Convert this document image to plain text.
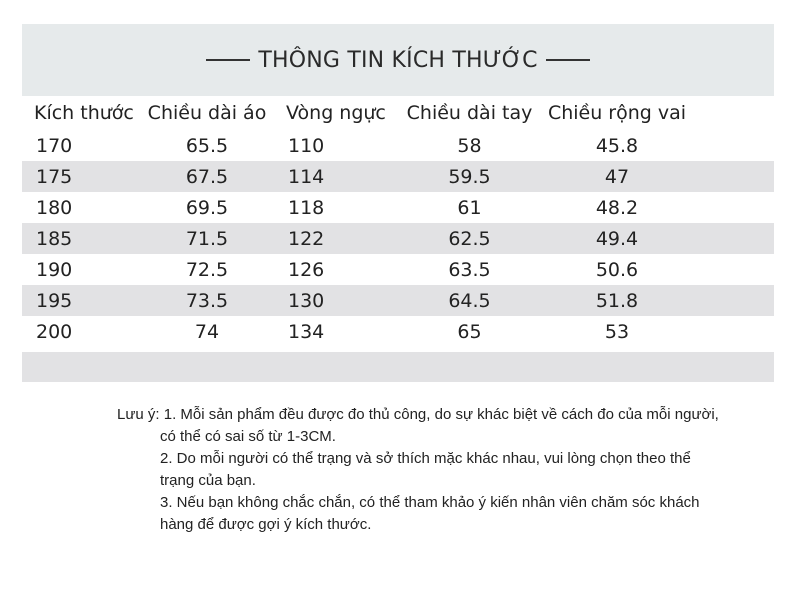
THÔNG TIN KÍCH THƯỚC
Kích thước	Chiều dài áo	Vòng ngực	Chiều dài tay	Chiều rộng vai	
170	65.5	110	58	45.8	
175	67.5	114	59.5	47	
180	69.5	118	61	48.2	
185	71.5	122	62.5	49.4	
190	72.5	126	63.5	50.6	
195	73.5	130	64.5	51.8	
200	74	134	65	53	
Lưu ý: 1. Mỗi sản phẩm đều được đo thủ công, do sự khác biệt về cách đo của mỗi người,
có thể có sai số từ 1-3CM.
2. Do mỗi người có thể trạng và sở thích mặc khác nhau, vui lòng chọn theo thể
trạng của bạn.
3. Nếu bạn không chắc chắn, có thể tham khảo ý kiến nhân viên chăm sóc khách
hàng để được gợi ý kích thước.
